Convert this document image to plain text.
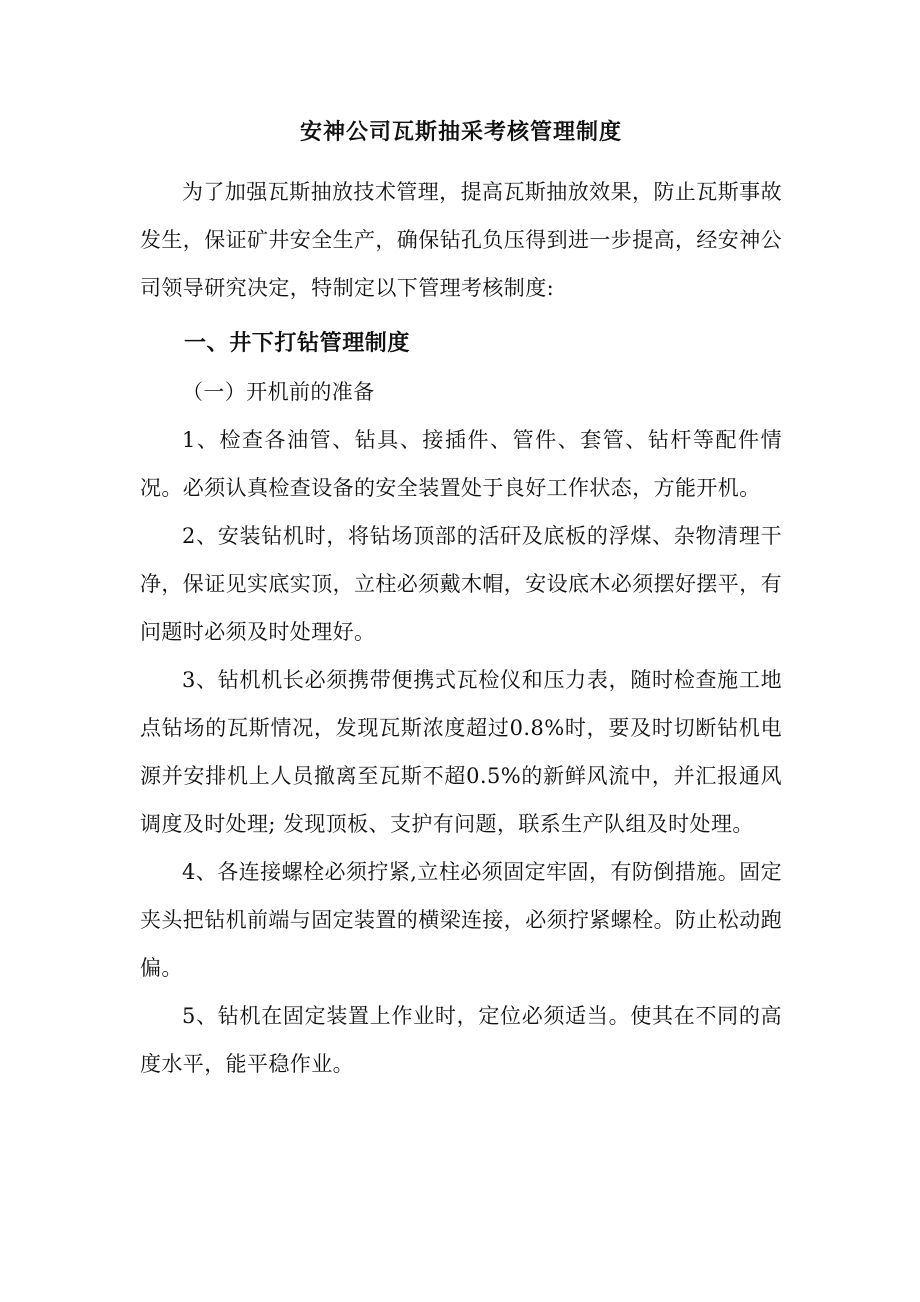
安神公司瓦斯抽采考核管理制度

为了加强瓦斯抽放技术管理，提高瓦斯抽放效果，防止瓦斯事故发生，保证矿井安全生产，确保钻孔负压得到进一步提高，经安神公司领导研究决定，特制定以下管理考核制度:

一、井下打钻管理制度
（一）开机前的准备

1、检查各油管、钻具、接插件、管件、套管、钻杆等配件情况。必须认真检查设备的安全装置处于良好工作状态，方能开机。

2、安装钻机时，将钻场顶部的活矸及底板的浮煤、杂物清理干净，保证见实底实顶，立柱必须戴木帽，安设底木必须摆好摆平，有问题时必须及时处理好。

3、钻机机长必须携带便携式瓦检仪和压力表，随时检查施工地点钻场的瓦斯情况，发现瓦斯浓度超过0.8%时，要及时切断钻机电源并安排机上人员撤离至瓦斯不超0.5%的新鲜风流中，并汇报通风调度及时处理; 发现顶板、支护有问题，联系生产队组及时处理。

4、各连接螺栓必须拧紧,立柱必须固定牢固，有防倒措施。固定夹头把钻机前端与固定装置的横梁连接，必须拧紧螺栓。防止松动跑偏。

5、钻机在固定装置上作业时，定位必须适当。使其在不同的高度水平，能平稳作业。
